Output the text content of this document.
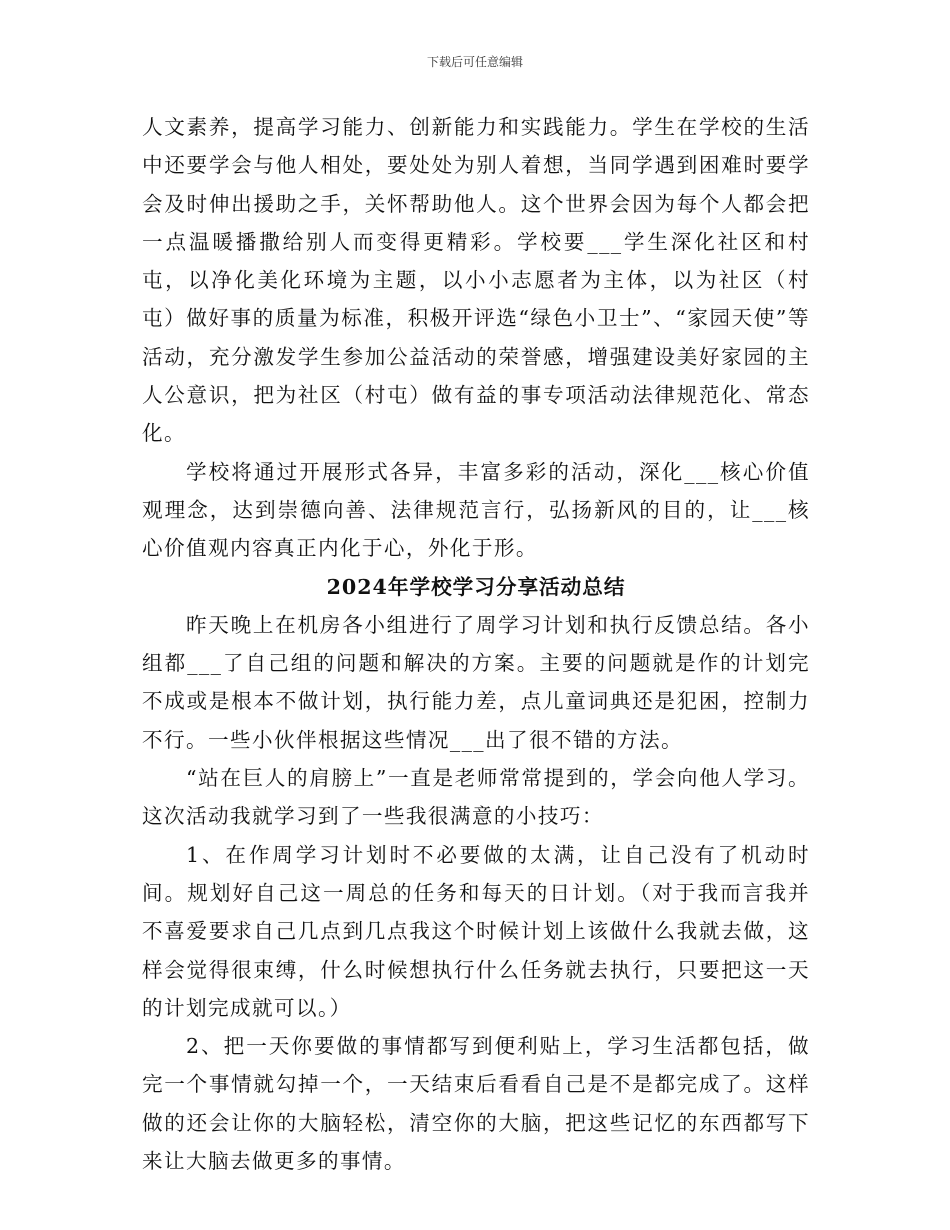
下载后可任意编辑

人文素养，提高学习能力、创新能力和实践能力。学生在学校的生活中还要学会与他人相处，要处处为别人着想，当同学遇到困难时要学会及时伸出援助之手，关怀帮助他人。这个世界会因为每个人都会把一点温暖播撒给别人而变得更精彩。学校要___学生深化社区和村屯，以净化美化环境为主题，以小小志愿者为主体，以为社区（村屯）做好事的质量为标准，积极开评选“绿色小卫士”、“家园天使”等活动，充分激发学生参加公益活动的荣誉感，增强建设美好家园的主人公意识，把为社区（村屯）做有益的事专项活动法律规范化、常态化。

学校将通过开展形式各异，丰富多彩的活动，深化___核心价值观理念，达到崇德向善、法律规范言行，弘扬新风的目的，让___核心价值观内容真正内化于心，外化于形。

2024年学校学习分享活动总结

昨天晚上在机房各小组进行了周学习计划和执行反馈总结。各小组都___了自己组的问题和解决的方案。主要的问题就是作的计划完不成或是根本不做计划，执行能力差，点儿童词典还是犯困，控制力不行。一些小伙伴根据这些情况___出了很不错的方法。

“站在巨人的肩膀上”一直是老师常常提到的，学会向他人学习。这次活动我就学习到了一些我很满意的小技巧：

1、在作周学习计划时不必要做的太满，让自己没有了机动时间。规划好自己这一周总的任务和每天的日计划。（对于我而言我并不喜爱要求自己几点到几点我这个时候计划上该做什么我就去做，这样会觉得很束缚，什么时候想执行什么任务就去执行，只要把这一天的计划完成就可以。）

2、把一天你要做的事情都写到便利贴上，学习生活都包括，做完一个事情就勾掉一个，一天结束后看看自己是不是都完成了。这样做的还会让你的大脑轻松，清空你的大脑，把这些记忆的东西都写下来让大脑去做更多的事情。
